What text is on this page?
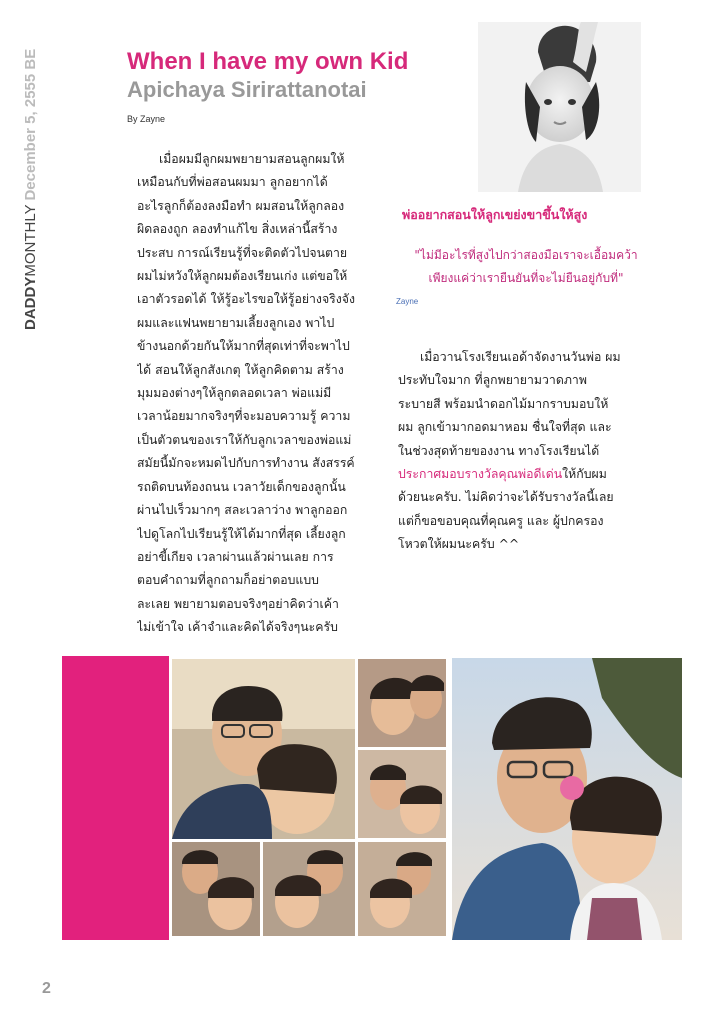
DADDYMONTHLY December 5, 2555 BE	When I have my own Kid
Apichaya Sirirattanotai
By Zayne
เมื่อผมมีลูกผมพยายามสอนลูกผมให้
เหมือนกับที่พ่อสอนผมมา ลูกอยากได้
อะไรลูกก็ต้องลงมือทำ ผมสอนให้ลูกลอง
ผิดลองถูก ลองทำแก้ไข สิ่งเหล่านี้สร้าง
ประสบ การณ์เรียนรู้ที่จะติดตัวไปจนตาย
ผมไม่หวังให้ลูกผมต้องเรียนเก่ง แต่ขอให้
เอาตัวรอดได้ ให้รู้อะไรขอให้รู้อย่างจริงจัง
ผมและแฟนพยายามเลี้ยงลูกเอง พาไป
ข้างนอกด้วยกันให้มากที่สุดเท่าที่จะพาไป
ได้ สอนให้ลูกสังเกตุ ให้ลูกคิดตาม สร้าง
มุมมองต่างๆให้ลูกตลอดเวลา พ่อแม่มี
เวลาน้อยมากจริงๆที่จะมอบความรู้ ความ
เป็นตัวตนของเราให้กับลูกเวลาของพ่อแม่
สมัยนี้มักจะหมดไปกับการทำงาน สังสรรค์
รถติดบนท้องถนน เวลาวัยเด็กของลูกนั้น
ผ่านไปเร็วมากๆ สละเวลาว่าง พาลูกออก
ไปดูโลกไปเรียนรู้ให้ได้มากที่สุด เลี้ยงลูก
อย่าขี้เกียจ เวลาผ่านแล้วผ่านเลย การ
ตอบคำถามที่ลูกถามก็อย่าตอบแบบ
ละเลย พยายามตอบจริงๆอย่าคิดว่าเค้า
ไม่เข้าใจ เค้าจำและคิดได้จริงๆนะครับ
พ่ออยากสอนให้ลูกเขย่งขาขึ้นให้สูง
"ไม่มีอะไรที่สูงไปกว่าสองมือเราจะเอื้อมคว้า
เพียงแค่ว่าเรายืนยันที่จะไม่ยืนอยู่กับที่"
Zayne
เมื่อวานโรงเรียนเอด้าจัดงานวันพ่อ ผม
ประทับใจมาก ที่ลูกพยายามวาดภาพ
ระบายสี พร้อมนำดอกไม้มากราบมอบให้
ผม ลูกเข้ามากอดมาหอม ชื่นใจที่สุด และ
ในช่วงสุดท้ายของงาน ทางโรงเรียนได้
ประกาศมอบรางวัลคุณพ่อดีเด่นให้กับผม
ด้วยนะครับ. ไม่คิดว่าจะได้รับรางวัลนี้เลย
แต่ก็ขอขอบคุณที่คุณครู และ ผู้ปกครอง
โหวตให้ผมนะครับ ^^
2
